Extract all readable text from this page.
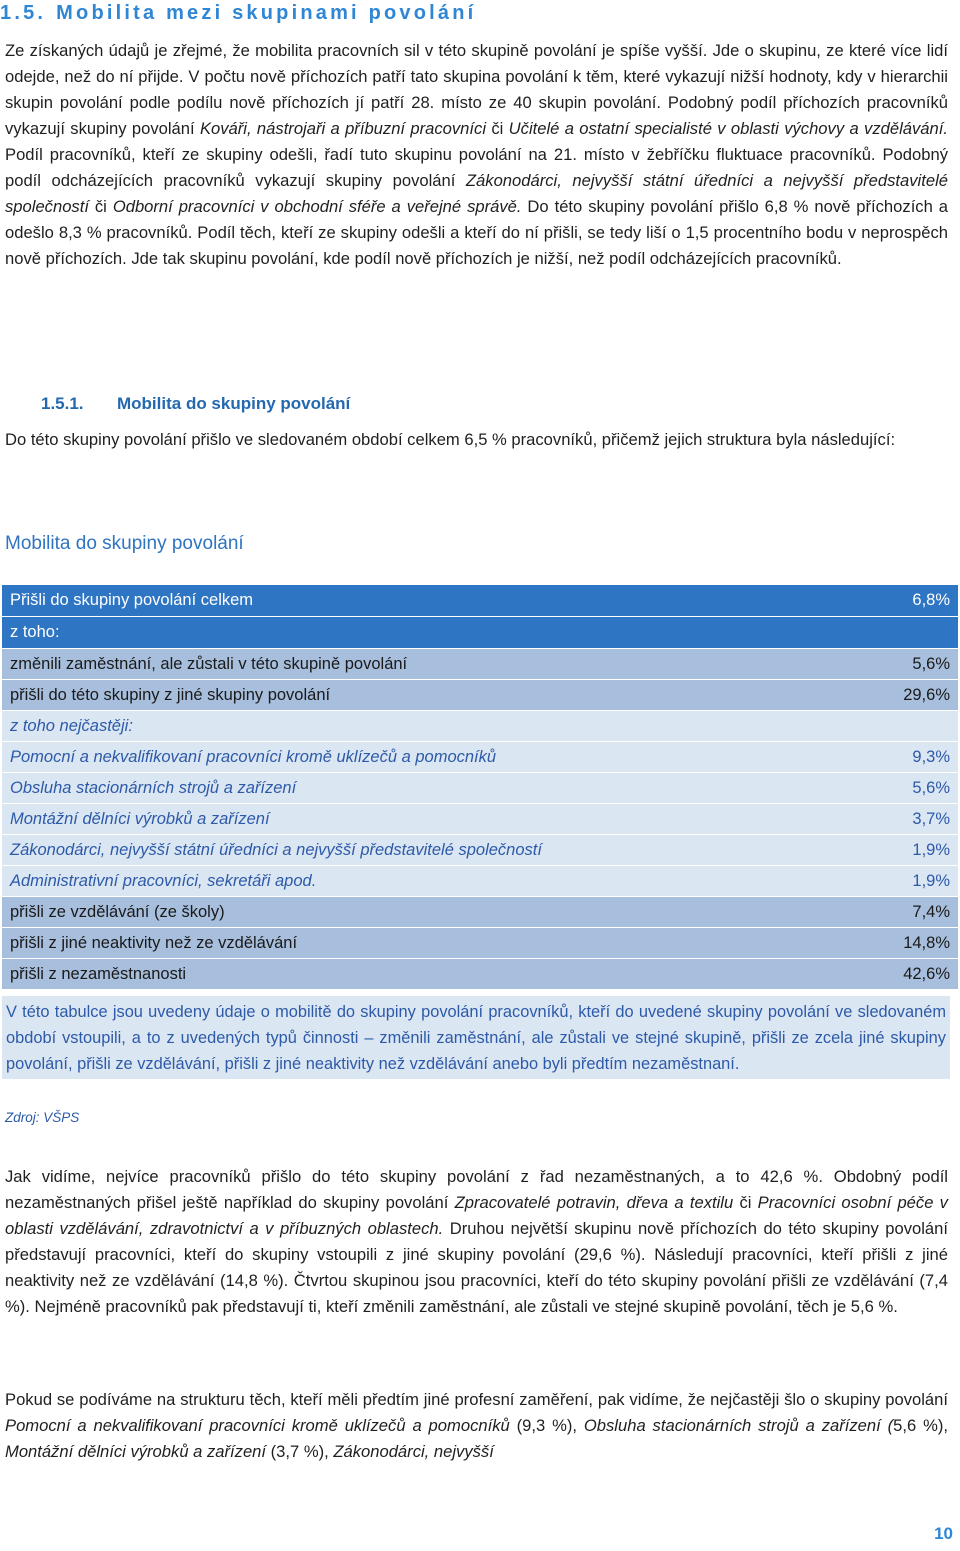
1.5. Mobilita mezi skupinami povolání

Ze získaných údajů je zřejmé, že mobilita pracovních sil v této skupině povolání je spíše vyšší. Jde o skupinu, ze které více lidí odejde, než do ní přijde. V počtu nově příchozích patří tato skupina povolání k těm, které vykazují nižší hodnoty, kdy v hierarchii skupin povolání podle podílu nově příchozích jí patří 28. místo ze 40 skupin povolání. Podobný podíl příchozích pracovníků vykazují skupiny povolání Kováři, nástrojaři a příbuzní pracovníci či Učitelé a ostatní specialisté v oblasti výchovy a vzdělávání. Podíl pracovníků, kteří ze skupiny odešli, řadí tuto skupinu povolání na 21. místo v žebříčku fluktuace pracovníků. Podobný podíl odcházejících pracovníků vykazují skupiny povolání Zákonodárci, nejvyšší státní úředníci a nejvyšší představitelé společností či Odborní pracovníci v obchodní sféře a veřejné správě. Do této skupiny povolání přišlo 6,8 % nově příchozích a odešlo 8,3 % pracovníků. Podíl těch, kteří ze skupiny odešli a kteří do ní přišli, se tedy liší o 1,5 procentního bodu v neprospěch nově příchozích. Jde tak skupinu povolání, kde podíl nově příchozích je nižší, než podíl odcházejících pracovníků.

1.5.1. Mobilita do skupiny povolání

Do této skupiny povolání přišlo ve sledovaném období celkem 6,5 % pracovníků, přičemž jejich struktura byla následující:

Mobilita do skupiny povolání
Přišli do skupiny povolání celkem	6,8%
z toho:
změnili zaměstnání, ale zůstali v této skupině povolání	5,6%
přišli do této skupiny z jiné skupiny povolání	29,6%
z toho nejčastěji:
Pomocní a nekvalifikovaní pracovníci kromě uklízečů a pomocníků	9,3%
Obsluha stacionárních strojů a zařízení	5,6%
Montážní dělníci výrobků a zařízení	3,7%
Zákonodárci, nejvyšší státní úředníci a nejvyšší představitelé společností	1,9%
Administrativní pracovníci, sekretáři apod.	1,9%
přišli ze vzdělávání (ze školy)	7,4%
přišli z jiné neaktivity než ze vzdělávání	14,8%
přišli z nezaměstnanosti	42,6%
V této tabulce jsou uvedeny údaje o mobilitě do skupiny povolání pracovníků, kteří do uvedené skupiny povolání ve sledovaném období vstoupili, a to z uvedených typů činnosti – změnili zaměstnání, ale zůstali ve stejné skupině, přišli ze zcela jiné skupiny povolání, přišli ze vzdělávání, přišli z jiné neaktivity než vzdělávání anebo byli předtím nezaměstnaní.
Zdroj: VŠPS

Jak vidíme, nejvíce pracovníků přišlo do této skupiny povolání z řad nezaměstnaných, a to 42,6 %. Obdobný podíl nezaměstnaných přišel ještě například do skupiny povolání Zpracovatelé potravin, dřeva a textilu či Pracovníci osobní péče v oblasti vzdělávání, zdravotnictví a v příbuzných oblastech. Druhou největší skupinu nově příchozích do této skupiny povolání představují pracovníci, kteří do skupiny vstoupili z jiné skupiny povolání (29,6 %). Následují pracovníci, kteří přišli z jiné neaktivity než ze vzdělávání (14,8 %). Čtvrtou skupinou jsou pracovníci, kteří do této skupiny povolání přišli ze vzdělávání (7,4 %). Nejméně pracovníků pak představují ti, kteří změnili zaměstnání, ale zůstali ve stejné skupině povolání, těch je 5,6 %.

Pokud se podíváme na strukturu těch, kteří měli předtím jiné profesní zaměření, pak vidíme, že nejčastěji šlo o skupiny povolání Pomocní a nekvalifikovaní pracovníci kromě uklízečů a pomocníků (9,3 %), Obsluha stacionárních strojů a zařízení (5,6 %), Montážní dělníci výrobků a zařízení (3,7 %), Zákonodárci, nejvyšší

10
